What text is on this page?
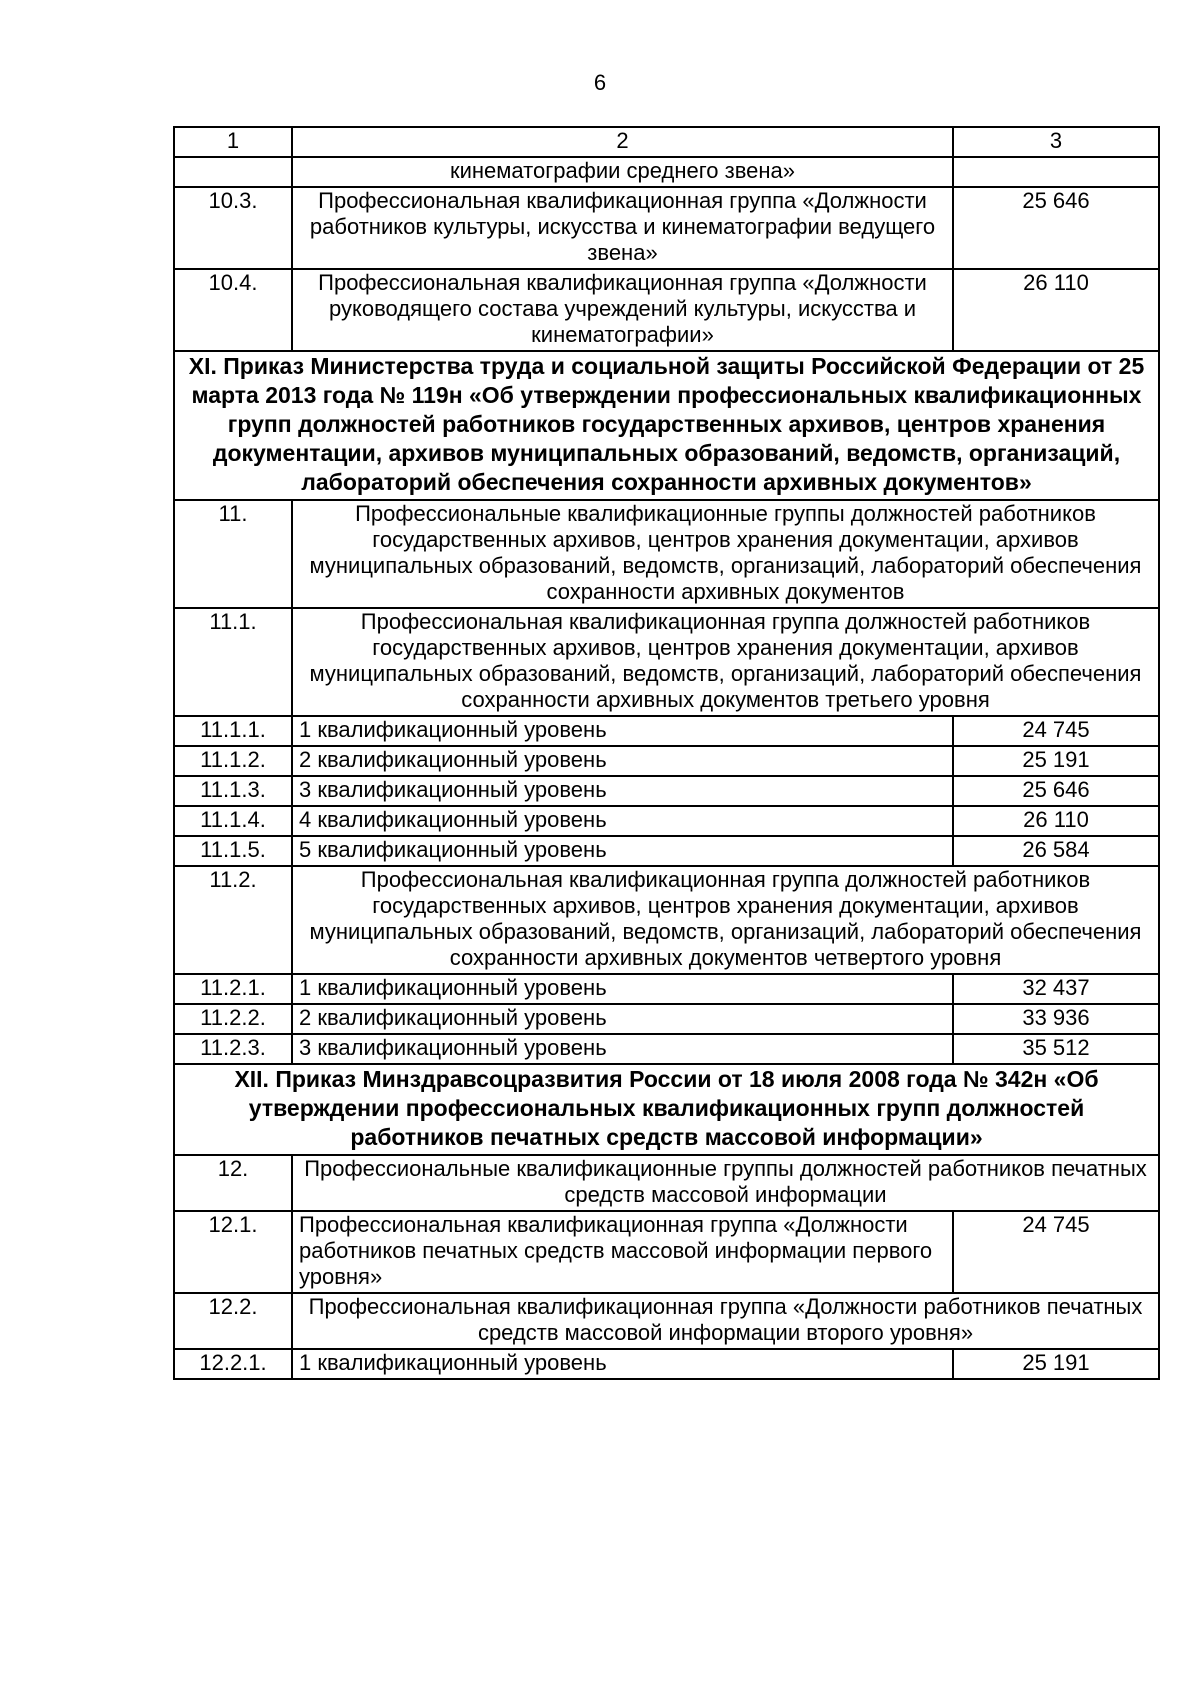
6
1	2	3
	кинематографии среднего звена»	
10.3.	Профессиональная квалификационная группа «Должности работников культуры, искусства и кинематографии ведущего звена»	25 646
10.4.	Профессиональная квалификационная группа «Должности руководящего состава учреждений культуры, искусства и кинематографии»	26 110
XI. Приказ Министерства труда и социальной защиты Российской Федерации от 25 марта 2013 года № 119н «Об утверждении профессиональных квалификационных групп должностей работников государственных архивов, центров хранения документации, архивов муниципальных образований, ведомств, организаций, лабораторий обеспечения сохранности архивных документов»		
11.	Профессиональные квалификационные группы должностей работников государственных архивов, центров хранения документации, архивов муниципальных образований, ведомств, организаций, лабораторий обеспечения сохранности архивных документов	
11.1.	Профессиональная квалификационная группа должностей работников государственных архивов, центров хранения документации, архивов муниципальных образований, ведомств, организаций, лабораторий обеспечения сохранности архивных документов третьего уровня	
11.1.1.	1 квалификационный уровень	24 745
11.1.2.	2 квалификационный уровень	25 191
11.1.3.	3 квалификационный уровень	25 646
11.1.4.	4 квалификационный уровень	26 110
11.1.5.	5 квалификационный уровень	26 584
11.2.	Профессиональная квалификационная группа должностей работников государственных архивов, центров хранения документации, архивов муниципальных образований, ведомств, организаций, лабораторий обеспечения сохранности архивных документов четвертого уровня	
11.2.1.	1 квалификационный уровень	32 437
11.2.2.	2 квалификационный уровень	33 936
11.2.3.	3 квалификационный уровень	35 512
XII. Приказ Минздравсоцразвития России от 18 июля 2008 года № 342н «Об утверждении профессиональных квалификационных групп должностей работников печатных средств массовой информации»		
12.	Профессиональные квалификационные группы должностей работников печатных средств массовой информации	
12.1.	Профессиональная квалификационная группа «Должности работников печатных средств массовой информации первого уровня»	24 745
12.2.	Профессиональная квалификационная группа «Должности работников печатных средств массовой информации второго уровня»	
12.2.1.	1 квалификационный уровень	25 191
